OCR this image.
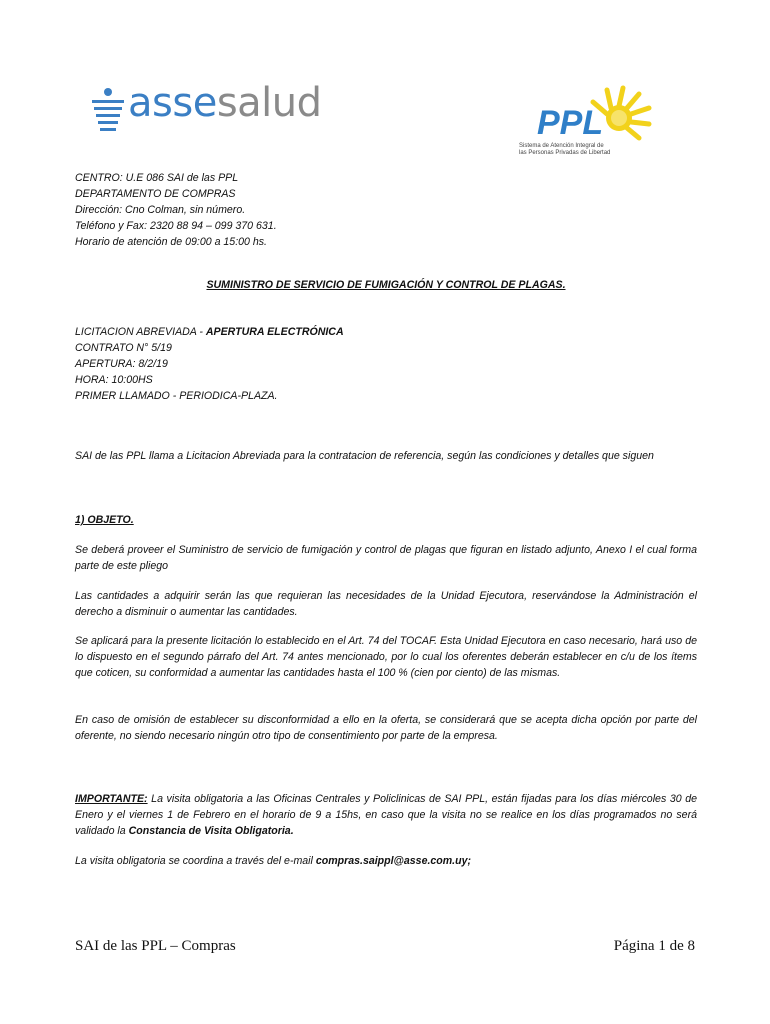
assesalud	PPL
Sistema de Atención Integral de
las Personas Privadas de Libertad
CENTRO: U.E 086 SAI de las PPL
DEPARTAMENTO DE COMPRAS
Dirección: Cno Colman, sin número.
Teléfono y Fax: 2320 88 94 – 099 370 631.
Horario de atención de 09:00 a 15:00 hs.
SUMINISTRO DE SERVICIO DE FUMIGACIÓN Y CONTROL DE PLAGAS.
LICITACION ABREVIADA - APERTURA ELECTRÓNICA
CONTRATO N° 5/19
APERTURA: 8/2/19
HORA: 10:00HS
PRIMER LLAMADO - PERIODICA-PLAZA.
SAI de las PPL llama a Licitacion Abreviada para la contratacion de referencia, según las condiciones y detalles que siguen
1) OBJETO.
Se deberá proveer el Suministro de servicio de fumigación y control de plagas que figuran en listado adjunto, Anexo I el cual forma parte de este pliego
Las cantidades a adquirir serán las que requieran las necesidades de la Unidad Ejecutora, reservándose la Administración el derecho a disminuir o aumentar las cantidades.
Se aplicará para la presente licitación lo establecido en el Art. 74 del TOCAF. Esta Unidad Ejecutora en caso necesario, hará uso de lo dispuesto en el segundo párrafo del Art. 74 antes mencionado, por lo cual los oferentes deberán establecer en c/u de los ítems que coticen, su conformidad a aumentar las cantidades hasta el 100 % (cien por ciento) de las mismas.
En caso de omisión de establecer su disconformidad a ello en la oferta, se considerará que se acepta dicha opción por parte del oferente, no siendo necesario ningún otro tipo de consentimiento por parte de la empresa.
IMPORTANTE: La visita obligatoria a las Oficinas Centrales y Policlinicas de SAI PPL, están fijadas para los días miércoles 30 de Enero y el viernes 1 de Febrero en el horario de 9 a 15hs, en caso que la visita no se realice en los días programados no será validado la Constancia de Visita Obligatoria.
La visita obligatoria se coordina a través del e-mail compras.saippl@asse.com.uy;
SAI de las PPL – Compras	Página 1 de 8
